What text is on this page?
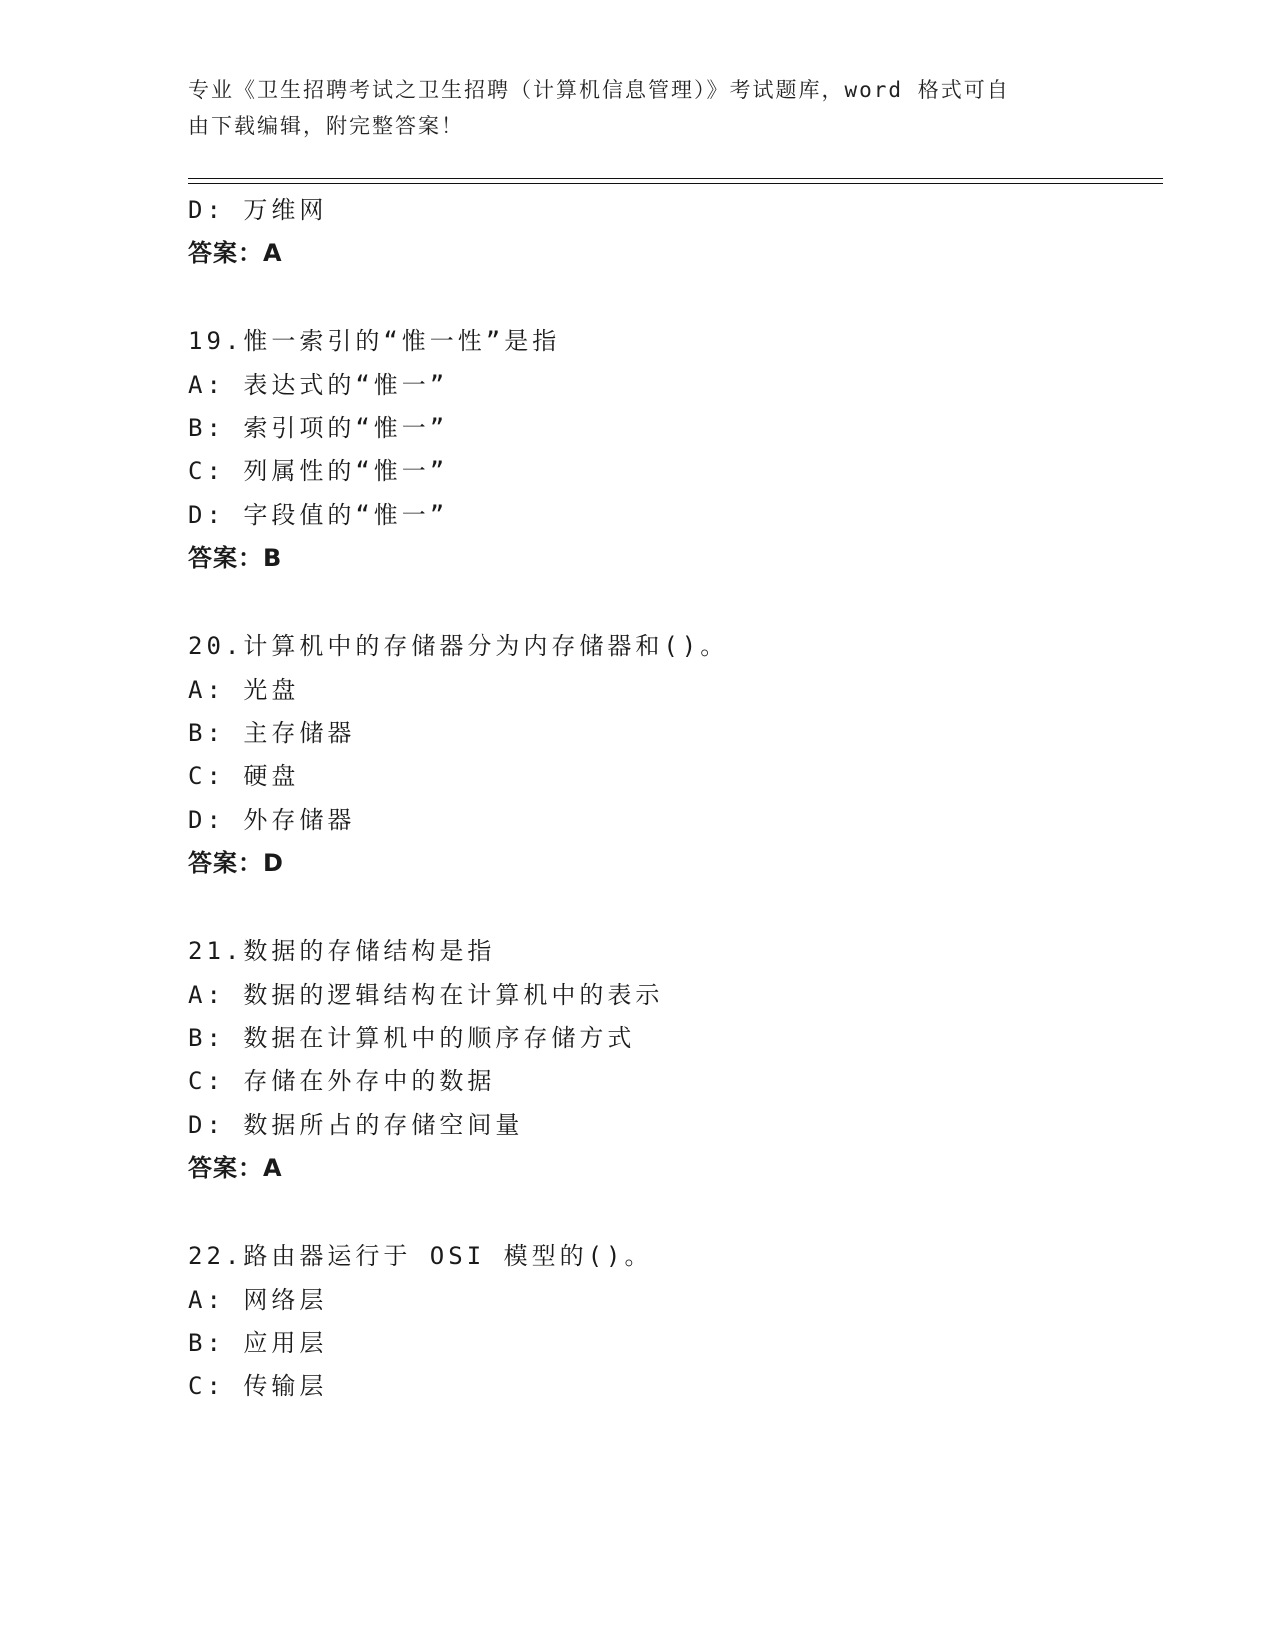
专业《卫生招聘考试之卫生招聘（计算机信息管理）》考试题库，word 格式可自
由下载编辑，附完整答案！
D: 万维网
答案：A
19.惟一索引的“惟一性”是指
A: 表达式的“惟一”
B: 索引项的“惟一”
C: 列属性的“惟一”
D: 字段值的“惟一”
答案：B
20.计算机中的存储器分为内存储器和()。
A: 光盘
B: 主存储器
C: 硬盘
D: 外存储器
答案：D
21.数据的存储结构是指
A: 数据的逻辑结构在计算机中的表示
B: 数据在计算机中的顺序存储方式
C: 存储在外存中的数据
D: 数据所占的存储空间量
答案：A
22.路由器运行于 OSI 模型的()。
A: 网络层
B: 应用层
C: 传输层
